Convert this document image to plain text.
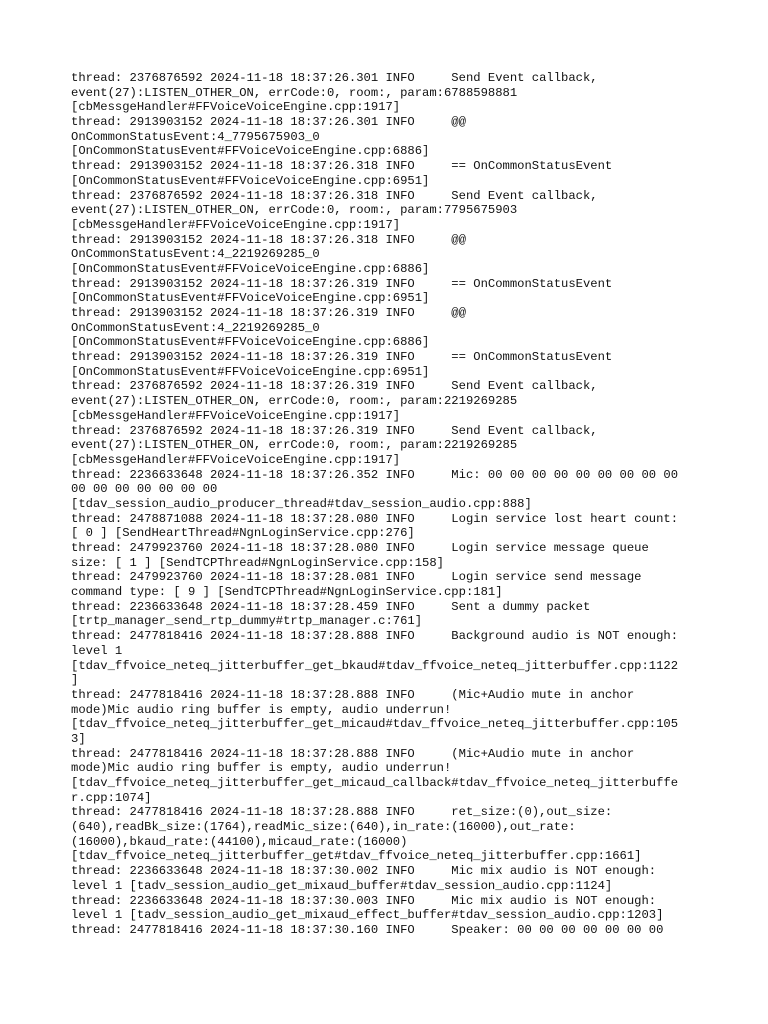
thread: 2376876592 2024-11-18 18:37:26.301 INFO     Send Event callback,
event(27):LISTEN_OTHER_ON, errCode:0, room:, param:6788598881
[cbMessgeHandler#FFVoiceVoiceEngine.cpp:1917]
thread: 2913903152 2024-11-18 18:37:26.301 INFO     @@
OnCommonStatusEvent:4_7795675903_0
[OnCommonStatusEvent#FFVoiceVoiceEngine.cpp:6886]
thread: 2913903152 2024-11-18 18:37:26.318 INFO     == OnCommonStatusEvent
[OnCommonStatusEvent#FFVoiceVoiceEngine.cpp:6951]
thread: 2376876592 2024-11-18 18:37:26.318 INFO     Send Event callback,
event(27):LISTEN_OTHER_ON, errCode:0, room:, param:7795675903
[cbMessgeHandler#FFVoiceVoiceEngine.cpp:1917]
thread: 2913903152 2024-11-18 18:37:26.318 INFO     @@
OnCommonStatusEvent:4_2219269285_0
[OnCommonStatusEvent#FFVoiceVoiceEngine.cpp:6886]
thread: 2913903152 2024-11-18 18:37:26.319 INFO     == OnCommonStatusEvent
[OnCommonStatusEvent#FFVoiceVoiceEngine.cpp:6951]
thread: 2913903152 2024-11-18 18:37:26.319 INFO     @@
OnCommonStatusEvent:4_2219269285_0
[OnCommonStatusEvent#FFVoiceVoiceEngine.cpp:6886]
thread: 2913903152 2024-11-18 18:37:26.319 INFO     == OnCommonStatusEvent
[OnCommonStatusEvent#FFVoiceVoiceEngine.cpp:6951]
thread: 2376876592 2024-11-18 18:37:26.319 INFO     Send Event callback,
event(27):LISTEN_OTHER_ON, errCode:0, room:, param:2219269285
[cbMessgeHandler#FFVoiceVoiceEngine.cpp:1917]
thread: 2376876592 2024-11-18 18:37:26.319 INFO     Send Event callback,
event(27):LISTEN_OTHER_ON, errCode:0, room:, param:2219269285
[cbMessgeHandler#FFVoiceVoiceEngine.cpp:1917]
thread: 2236633648 2024-11-18 18:37:26.352 INFO     Mic: 00 00 00 00 00 00 00 00 00
00 00 00 00 00 00 00
[tdav_session_audio_producer_thread#tdav_session_audio.cpp:888]
thread: 2478871088 2024-11-18 18:37:28.080 INFO     Login service lost heart count:
[ 0 ] [SendHeartThread#NgnLoginService.cpp:276]
thread: 2479923760 2024-11-18 18:37:28.080 INFO     Login service message queue
size: [ 1 ] [SendTCPThread#NgnLoginService.cpp:158]
thread: 2479923760 2024-11-18 18:37:28.081 INFO     Login service send message
command type: [ 9 ] [SendTCPThread#NgnLoginService.cpp:181]
thread: 2236633648 2024-11-18 18:37:28.459 INFO     Sent a dummy packet
[trtp_manager_send_rtp_dummy#trtp_manager.c:761]
thread: 2477818416 2024-11-18 18:37:28.888 INFO     Background audio is NOT enough:
level 1
[tdav_ffvoice_neteq_jitterbuffer_get_bkaud#tdav_ffvoice_neteq_jitterbuffer.cpp:1122
]
thread: 2477818416 2024-11-18 18:37:28.888 INFO     (Mic+Audio mute in anchor
mode)Mic audio ring buffer is empty, audio underrun!
[tdav_ffvoice_neteq_jitterbuffer_get_micaud#tdav_ffvoice_neteq_jitterbuffer.cpp:105
3]
thread: 2477818416 2024-11-18 18:37:28.888 INFO     (Mic+Audio mute in anchor
mode)Mic audio ring buffer is empty, audio underrun!
[tdav_ffvoice_neteq_jitterbuffer_get_micaud_callback#tdav_ffvoice_neteq_jitterbuffe
r.cpp:1074]
thread: 2477818416 2024-11-18 18:37:28.888 INFO     ret_size:(0),out_size:
(640),readBk_size:(1764),readMic_size:(640),in_rate:(16000),out_rate:
(16000),bkaud_rate:(44100),micaud_rate:(16000)
[tdav_ffvoice_neteq_jitterbuffer_get#tdav_ffvoice_neteq_jitterbuffer.cpp:1661]
thread: 2236633648 2024-11-18 18:37:30.002 INFO     Mic mix audio is NOT enough:
level 1 [tadv_session_audio_get_mixaud_buffer#tdav_session_audio.cpp:1124]
thread: 2236633648 2024-11-18 18:37:30.003 INFO     Mic mix audio is NOT enough:
level 1 [tadv_session_audio_get_mixaud_effect_buffer#tdav_session_audio.cpp:1203]
thread: 2477818416 2024-11-18 18:37:30.160 INFO     Speaker: 00 00 00 00 00 00 00
